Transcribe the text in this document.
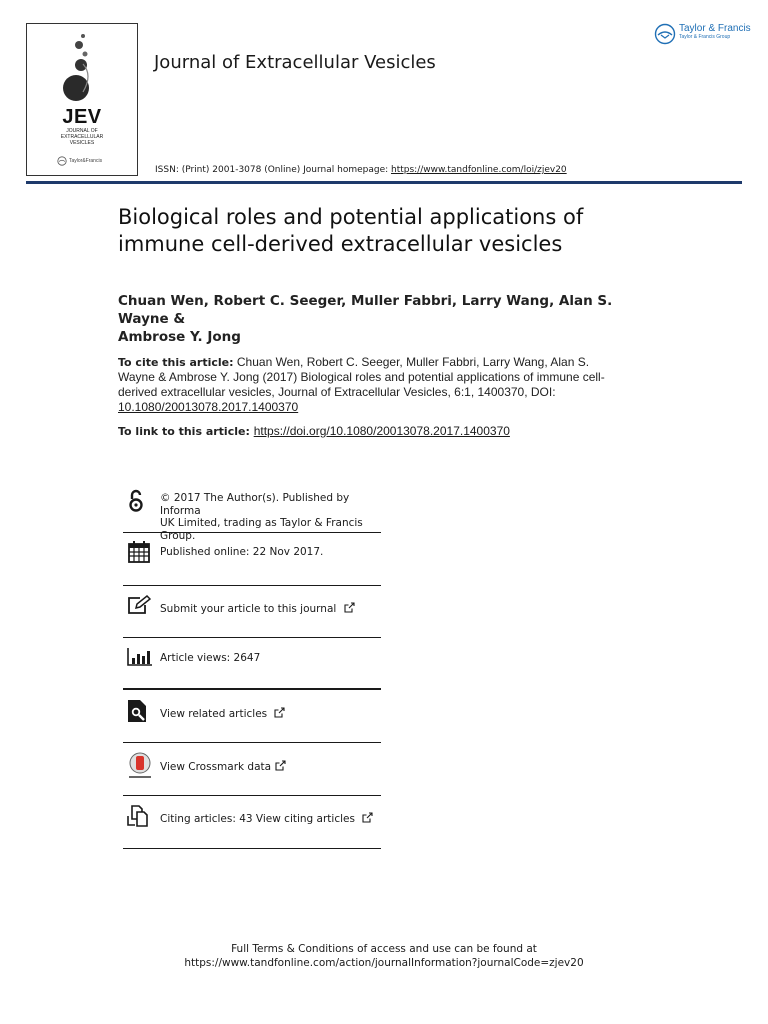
JEV
JOURNAL OF
EXTRACELLULAR
VESICLES
Taylor&Francis
Journal of Extracellular Vesicles
Taylor & Francis
Taylor & Francis Group
ISSN: (Print) 2001-3078 (Online) Journal homepage: https://www.tandfonline.com/loi/zjev20
Biological roles and potential applications of
immune cell-derived extracellular vesicles

Chuan Wen, Robert C. Seeger, Muller Fabbri, Larry Wang, Alan S. Wayne &
Ambrose Y. Jong

To cite this article: Chuan Wen, Robert C. Seeger, Muller Fabbri, Larry Wang, Alan S. Wayne & Ambrose Y. Jong (2017) Biological roles and potential applications of immune cell-derived extracellular vesicles, Journal of Extracellular Vesicles, 6:1, 1400370, DOI: 10.1080/20013078.2017.1400370

To link to this article: https://doi.org/10.1080/20013078.2017.1400370

© 2017 The Author(s). Published by Informa
UK Limited, trading as Taylor & Francis
Group.
Published online: 22 Nov 2017.
Submit your article to this journal
Article views: 2647
View related articles
View Crossmark data
Citing articles: 43 View citing articles
Full Terms & Conditions of access and use can be found at
https://www.tandfonline.com/action/journalInformation?journalCode=zjev20
